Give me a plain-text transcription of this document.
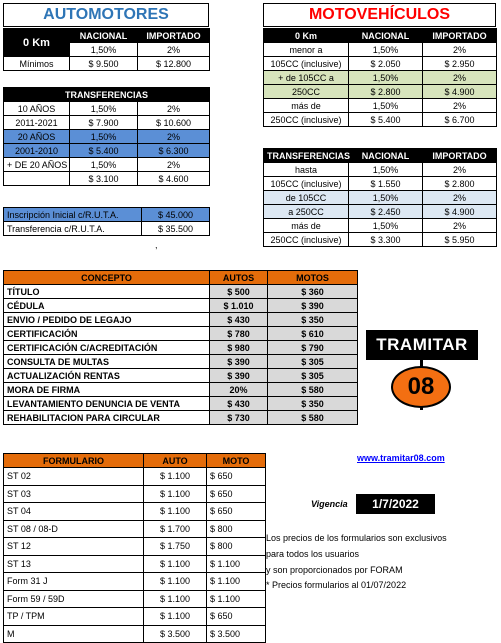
AUTOMOTORES
0 Km	NACIONAL	IMPORTADO
	1,50%	2%
Mínimos	$ 9.500	$ 12.800
TRANSFERENCIAS		
10 AÑOS	1,50%	2%
2011-2021	$ 7.900	$ 10.600
20 AÑOS	1,50%	2%
2001-2010	$ 5.400	$ 6.300
+ DE 20 AÑOS	1,50%	2%
	$ 3.100	$ 4.600
Inscripción Inicial c/R.U.T.A.	$ 45.000
Transferencia c/R.U.T.A.	$ 35.500
,
MOTOVEHÍCULOS
0 Km	NACIONAL	IMPORTADO
menor a	1,50%	2%
105CC (inclusive)	$ 2.050	$ 2.950
+ de 105CC a	1,50%	2%
250CC	$ 2.800	$ 4.900
más de	1,50%	2%
250CC (inclusive)	$ 5.400	$ 6.700
TRANSFERENCIAS	NACIONAL	IMPORTADO
hasta	1,50%	2%
105CC (inclusive)	$ 1.550	$ 2.800
de 105CC	1,50%	2%
a 250CC	$ 2.450	$ 4.900
más de	1,50%	2%
250CC (inclusive)	$ 3.300	$ 5.950
CONCEPTO	AUTOS	MOTOS
TÍTULO	$ 500	$ 360
CÉDULA	$ 1.010	$ 390
ENVIO / PEDIDO DE LEGAJO	$ 430	$ 350
CERTIFICACIÓN	$ 780	$ 610
CERTIFICACIÓN C/ACREDITACIÓN	$ 980	$ 790
CONSULTA DE MULTAS	$ 390	$ 305
ACTUALIZACIÓN RENTAS	$ 390	$ 305
MORA DE FIRMA	20%	$ 580
LEVANTAMIENTO DENUNCIA DE VENTA	$ 430	$ 350
REHABILITACION PARA CIRCULAR	$ 730	$ 580
TRAMITAR
08
FORMULARIO	AUTO	MOTO
ST 02	$ 1.100	$ 650
ST 03	$ 1.100	$ 650
ST 04	$ 1.100	$ 650
ST 08 / 08-D	$ 1.700	$ 800
ST 12	$ 1.750	$ 800
ST 13	$ 1.100	$ 1.100
Form 31 J	$ 1.100	$ 1.100
Form 59 / 59D	$ 1.100	$ 1.100
TP / TPM	$ 1.100	$ 650
M	$ 3.500	$ 3.500
www.tramitar08.com
Vigencia	1/7/2022
Los precios de los formularios son exclusivos
para todos los usuarios
y son proporcionados por FORAM
* Precios formularios al 01/07/2022
